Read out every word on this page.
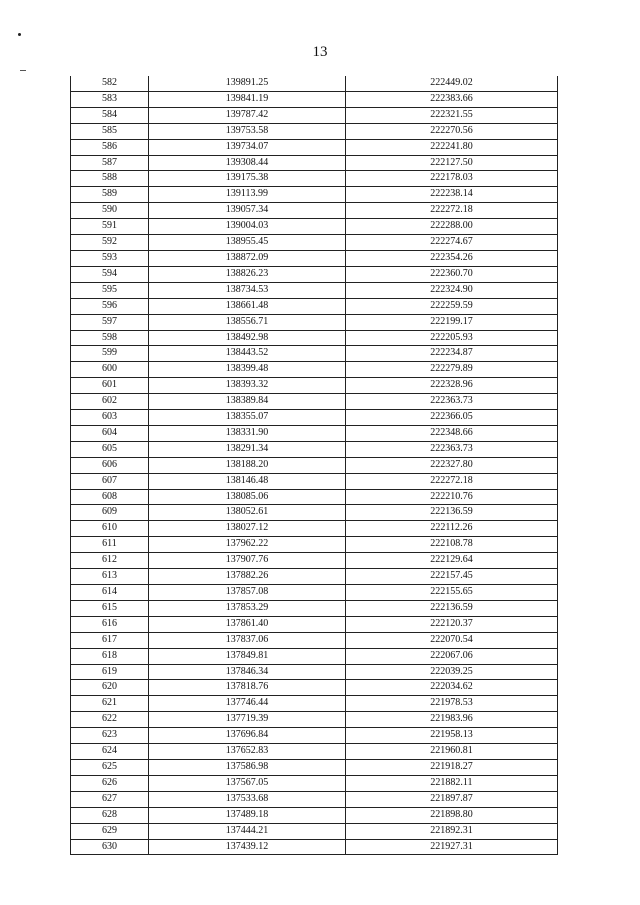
13
582	139891.25	222449.02
583	139841.19	222383.66
584	139787.42	222321.55
585	139753.58	222270.56
586	139734.07	222241.80
587	139308.44	222127.50
588	139175.38	222178.03
589	139113.99	222238.14
590	139057.34	222272.18
591	139004.03	222288.00
592	138955.45	222274.67
593	138872.09	222354.26
594	138826.23	222360.70
595	138734.53	222324.90
596	138661.48	222259.59
597	138556.71	222199.17
598	138492.98	222205.93
599	138443.52	222234.87
600	138399.48	222279.89
601	138393.32	222328.96
602	138389.84	222363.73
603	138355.07	222366.05
604	138331.90	222348.66
605	138291.34	222363.73
606	138188.20	222327.80
607	138146.48	222272.18
608	138085.06	222210.76
609	138052.61	222136.59
610	138027.12	222112.26
611	137962.22	222108.78
612	137907.76	222129.64
613	137882.26	222157.45
614	137857.08	222155.65
615	137853.29	222136.59
616	137861.40	222120.37
617	137837.06	222070.54
618	137849.81	222067.06
619	137846.34	222039.25
620	137818.76	222034.62
621	137746.44	221978.53
622	137719.39	221983.96
623	137696.84	221958.13
624	137652.83	221960.81
625	137586.98	221918.27
626	137567.05	221882.11
627	137533.68	221897.87
628	137489.18	221898.80
629	137444.21	221892.31
630	137439.12	221927.31
